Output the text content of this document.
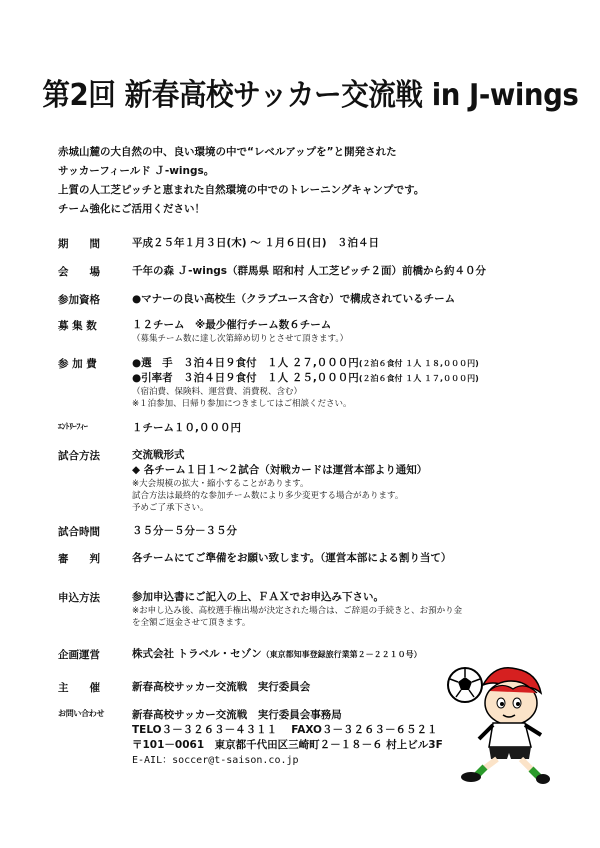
第2回 新春高校サッカー交流戦 in J-wings
赤城山麓の大自然の中、良い環境の中で“レベルアップを”と開発された
サッカーフィールド Ｊ-wings。
上質の人工芝ピッチと恵まれた自然環境の中でのトレーニングキャンプです。
チーム強化にご活用ください！
期　　間	平成２５年１月３日(木) ～ １月６日(日)　３泊４日
会　　場	千年の森 Ｊ-wings（群馬県 昭和村 人工芝ピッチ２面）前橋から約４０分
参加資格	●マナーの良い高校生（クラブユース含む）で構成されているチーム
募 集 数	１２チーム　※最少催行チーム数６チーム
（募集チーム数に達し次第締め切りとさせて頂きます。）
参 加 費	●選　手　３泊４日９食付　１人 ２７,０００円(２泊６食付 １人 １８,０００円)
●引率者　３泊４日９食付　１人 ２５,０００円(２泊６食付 １人 １７,０００円)
（宿泊費、保険料、運営費、消費税、含む）
※１泊参加、日帰り参加につきましてはご相談ください。
ｴﾝﾄﾘｰﾌｨｰ	１チーム１０,０００円
試合方法	交流戦形式
◆ 各チーム１日１～２試合（対戦カードは運営本部より通知）
※大会規模の拡大・縮小することがあります。
試合方法は最終的な参加チーム数により多少変更する場合があります。
予めご了承下さい。
試合時間	３５分－５分－３５分
審　　判	各チームにてご準備をお願い致します。（運営本部による割り当て）
申込方法	参加申込書にご記入の上、ＦＡＸでお申込み下さい。
※お申し込み後、高校選手権出場が決定された場合は、ご辞退の手続きと、お預かり金
を全額ご返金させて頂きます。
企画運営	株式会社 トラベル・セゾン（東京都知事登録旅行業第２－２２１０号）
主　　催	新春高校サッカー交流戦　実行委員会
お問い合わせ	新春高校サッカー交流戦　実行委員会事務局
TELO３－３２６３－４３１１　 FAXO３－３２６３－６５２１
〒101－0061　東京都千代田区三崎町２－１８－６ 村上ビル3F
E-AIL：soccer@t-saison.co.jp
